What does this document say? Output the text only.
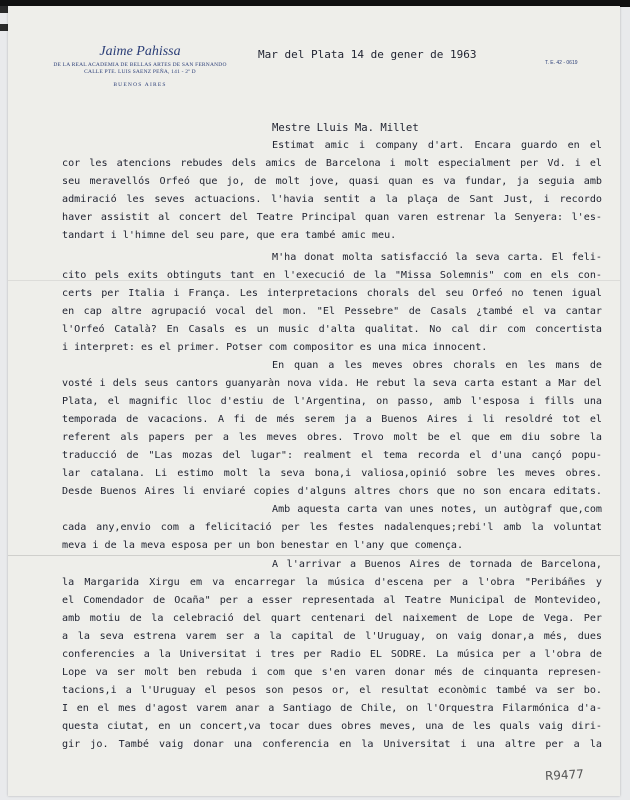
Jaime Pahissa
DE LA REAL ACADEMIA DE BELLAS ARTES DE SAN FERNANDO
CALLE PTE. LUIS SAENZ PEÑA, 141 - 2º D
BUENOS AIRES
T. E. 42 - 0619
Mar del Plata 14 de gener de 1963
Mestre Lluis Ma. Millet
Estimat amic i company d'art. Encara guardo en el
cor les atencions rebudes dels amics de Barcelona i molt especialment per Vd. i el
seu meravellós Orfeó que jo, de molt jove, quasi quan es va fundar, ja seguia amb
admiració les seves actuacions. l'havia sentit a la plaça de Sant Just, i recordo
haver assistit al concert del Teatre Principal quan varen estrenar la Senyera: l'es-
tandart i l'himne del seu pare, que era també amic meu.
M'ha donat molta satisfacció la seva carta. El feli-
cito pels exits obtinguts tant en l'execució de la "Missa Solemnis" com en els con-
certs per Italia i França. Les interpretacions chorals del seu Orfeó no tenen igual
en cap altre agrupació vocal del mon. "El Pessebre" de Casals ¿també el va cantar
l'Orfeó Català? En Casals es un music d'alta qualitat. No cal dir com concertista
i interpret: es el primer. Potser com compositor es una mica innocent.
En quan a les meves obres chorals en les mans de
vosté i dels seus cantors guanyaràn nova vida. He rebut la seva carta estant a Mar del
Plata, el magnific lloc d'estiu de l'Argentina, on passo, amb l'esposa i fills una
temporada de vacacions. A fi de més serem ja a Buenos Aires i li resoldré tot el
referent als papers per a les meves obres. Trovo molt be el que em diu sobre la
traducció de "Las mozas del lugar": realment el tema recorda el d'una cançó popu-
lar catalana. Li estimo molt la seva bona,i valiosa,opinió sobre les meves obres.
Desde Buenos Aires li enviaré copies d'alguns altres chors que no son encara editats.
Amb aquesta carta van unes notes, un autògraf que,com
cada any,envio com a felicitació per les festes nadalenques;rebi'l amb la voluntat
meva i de la meva esposa per un bon benestar en l'any que comença.
A l'arrivar a Buenos Aires de tornada de Barcelona,
la Margarida Xirgu em va encarregar la música d'escena per a l'obra "Peribáñes y
el Comendador de Ocaña" per a esser representada al Teatre Municipal de Montevideo,
amb motiu de la celebració del quart centenari del naixement de Lope de Vega. Per
a la seva estrena varem ser a la capital de l'Uruguay, on vaig donar,a més, dues
conferencies a la Universitat i tres per Radio EL SODRE. La música per a l'obra de
Lope va ser molt ben rebuda i com que s'en varen donar més de cinquanta represen-
tacions,i a l'Uruguay el pesos son pesos or, el resultat econòmic també va ser bo.
I en el mes d'agost varem anar a Santiago de Chile, on l'Orquestra Filarmónica d'a-
questa ciutat, en un concert,va tocar dues obres meves, una de les quals vaig diri-
gir jo. També vaig donar una conferencia en la Universitat i una altre per a la
R9477
